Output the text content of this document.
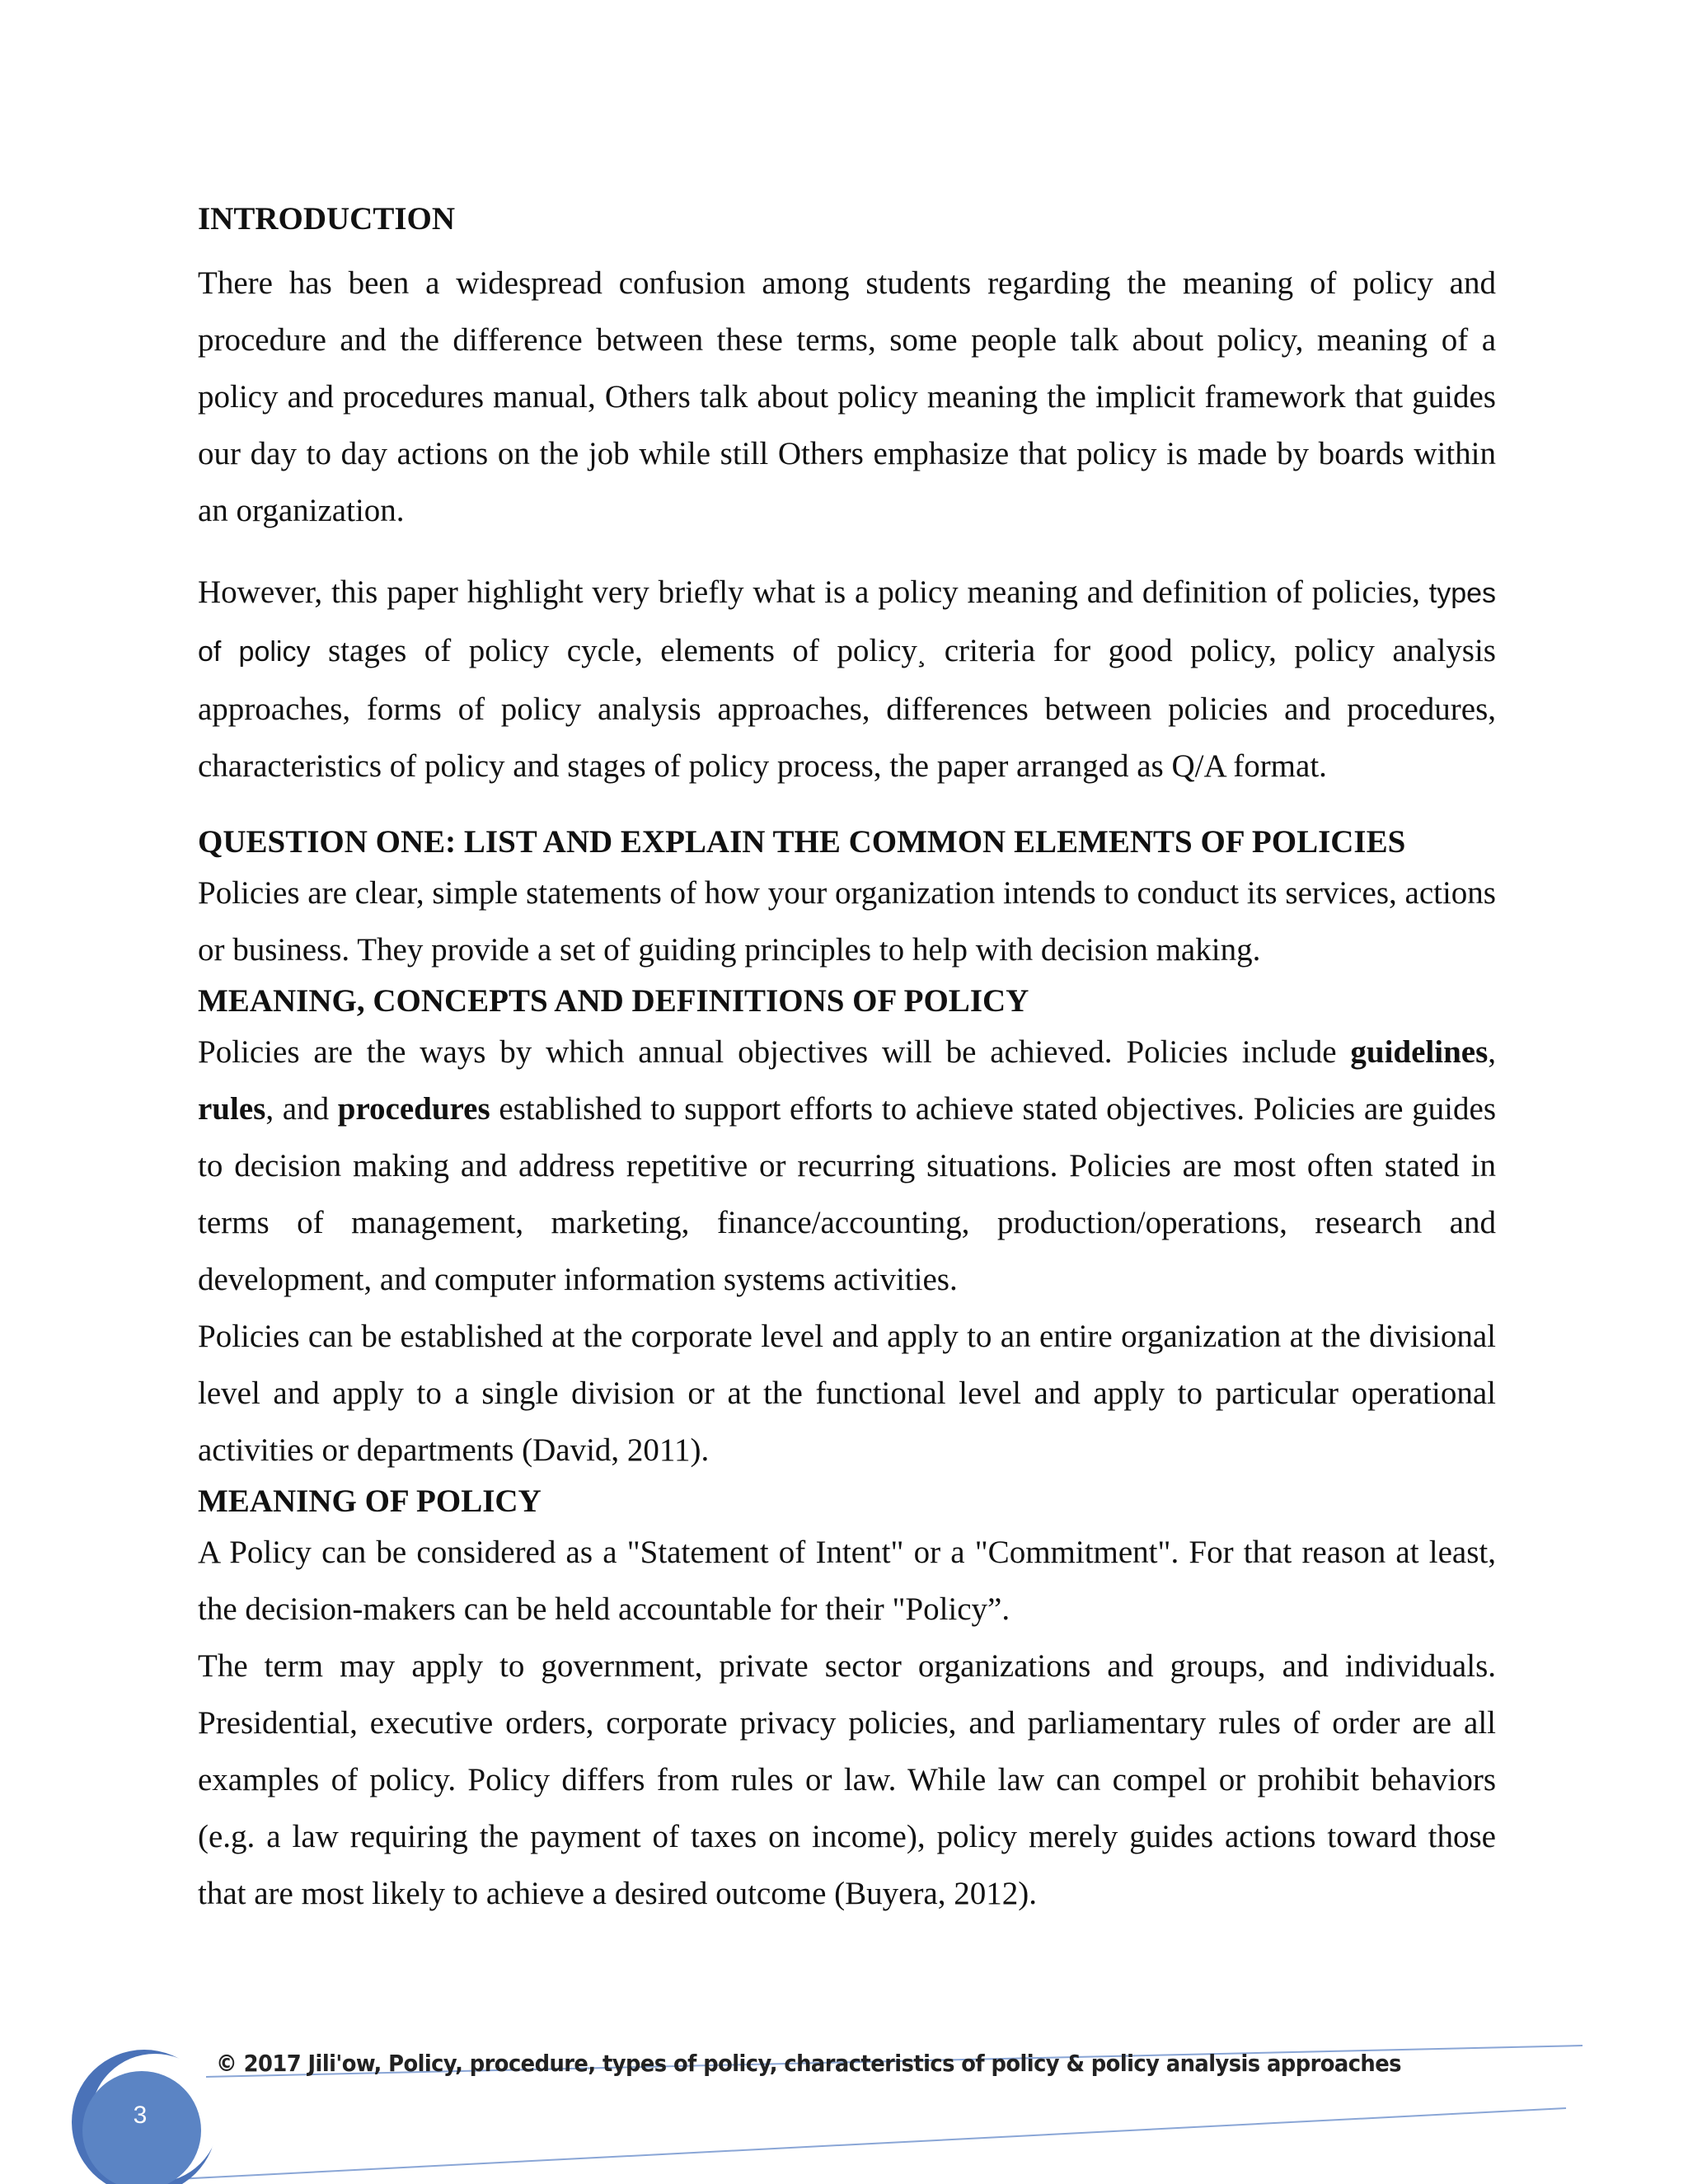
INTRODUCTION

There has been a widespread confusion among students regarding the meaning of policy and procedure and the difference between these terms, some people talk about policy, meaning of a policy and procedures manual, Others talk about policy meaning the implicit framework that guides our day to day actions on the job while still Others emphasize that policy is made by boards within an organization.

However, this paper highlight very briefly what is a policy meaning and definition of policies, types of policy stages of policy cycle, elements of policy¸ criteria for good policy, policy analysis approaches, forms of policy analysis approaches, differences between policies and procedures, characteristics of policy and stages of policy process, the paper arranged as Q/A format.

QUESTION ONE: LIST AND EXPLAIN THE COMMON ELEMENTS OF POLICIES

Policies are clear, simple statements of how your organization intends to conduct its services, actions or business. They provide a set of guiding principles to help with decision making.

MEANING, CONCEPTS AND DEFINITIONS OF POLICY

Policies are the ways by which annual objectives will be achieved. Policies include guidelines, rules, and procedures established to support efforts to achieve stated objectives. Policies are guides to decision making and address repetitive or recurring situations. Policies are most often stated in terms of management, marketing, finance/accounting, production/operations, research and development, and computer information systems activities.

Policies can be established at the corporate level and apply to an entire organization at the divisional level and apply to a single division or at the functional level and apply to particular operational activities or departments (David, 2011).

MEANING OF POLICY

A Policy can be considered as a "Statement of Intent" or a "Commitment". For that reason at least, the decision-makers can be held accountable for their "Policy”.

The term may apply to government, private sector organizations and groups, and individuals. Presidential, executive orders, corporate privacy policies, and parliamentary rules of order are all examples of policy. Policy differs from rules or law. While law can compel or prohibit behaviors (e.g. a law requiring the payment of taxes on income), policy merely guides actions toward those that are most likely to achieve a desired outcome (Buyera, 2012).

© 2017 Jili'ow, Policy, procedure, types of policy, characteristics of policy & policy analysis approaches
3
